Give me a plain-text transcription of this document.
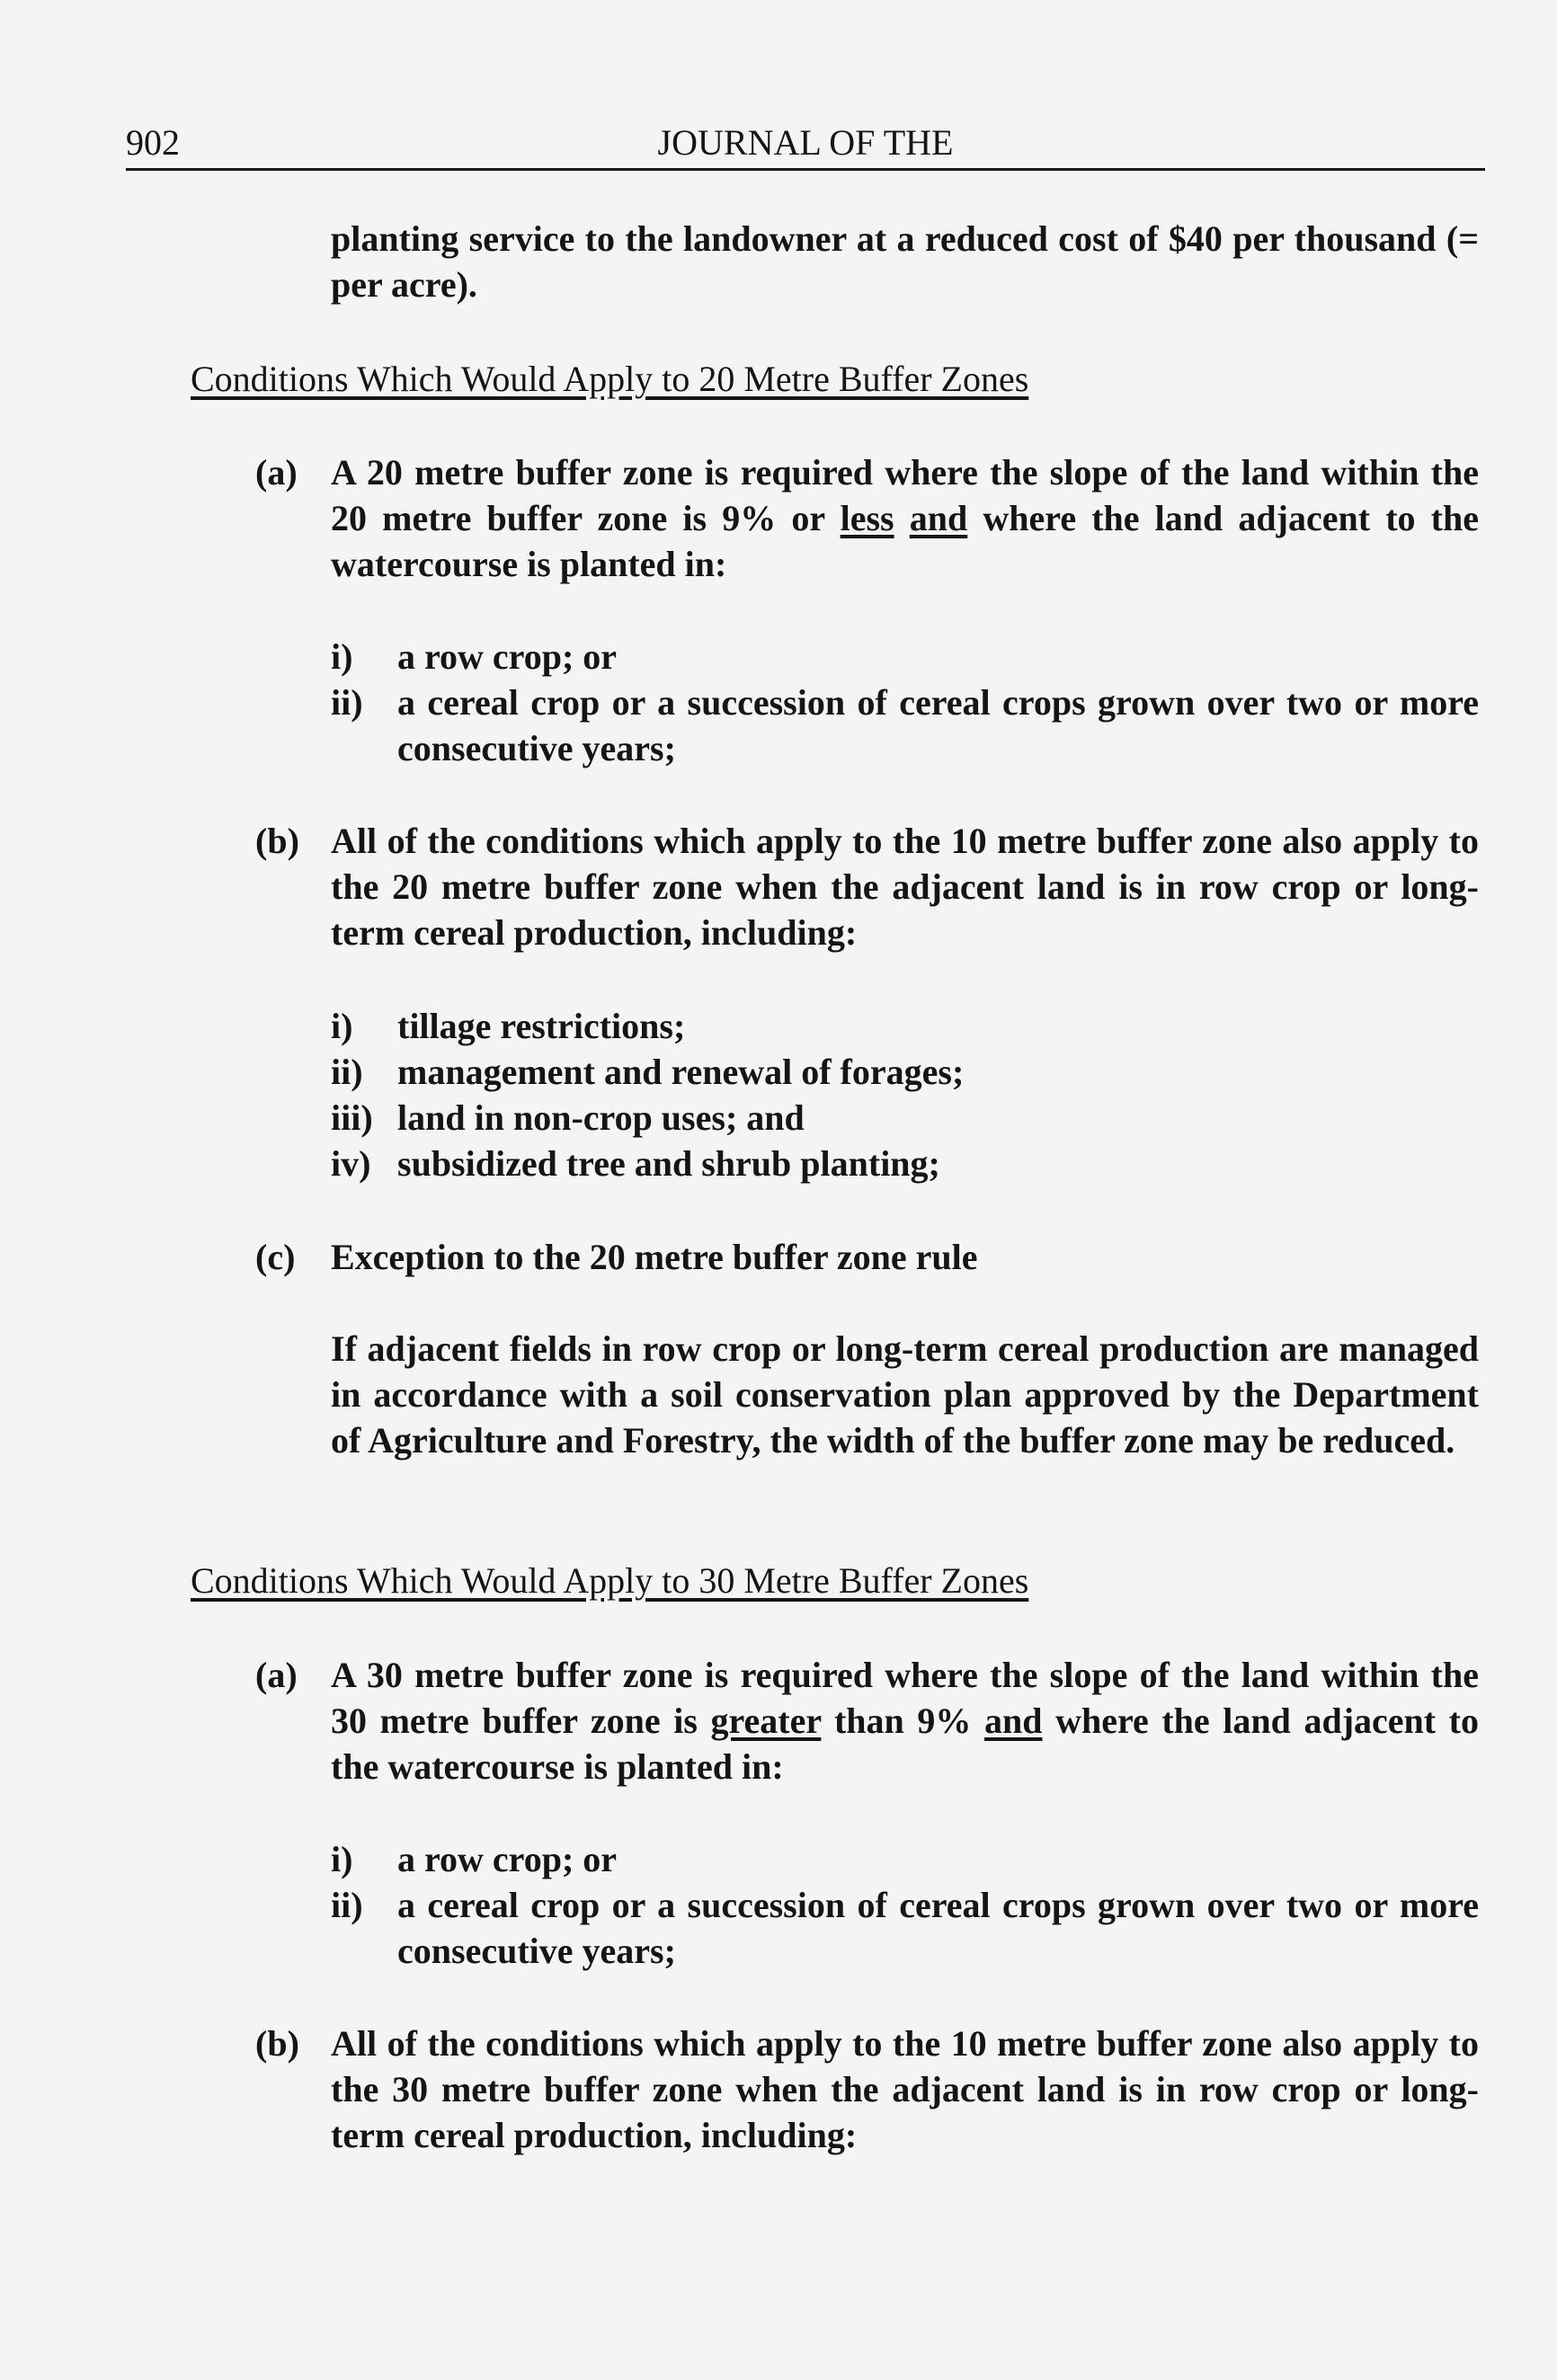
902	JOURNAL OF THE
planting service to the landowner at a reduced cost of $40 per thousand (= per acre).
Conditions Which Would Apply to 20 Metre Buffer Zones
(a) A 20 metre buffer zone is required where the slope of the land within the 20 metre buffer zone is 9% or less and where the land adjacent to the watercourse is planted in:
i) a row crop; or
ii) a cereal crop or a succession of cereal crops grown over two or more consecutive years;
(b) All of the conditions which apply to the 10 metre buffer zone also apply to the 20 metre buffer zone when the adjacent land is in row crop or long-term cereal production, including:
i) tillage restrictions;
ii) management and renewal of forages;
iii) land in non-crop uses; and
iv) subsidized tree and shrub planting;
(c) Exception to the 20 metre buffer zone rule
If adjacent fields in row crop or long-term cereal production are managed in accordance with a soil conservation plan approved by the Department of Agriculture and Forestry, the width of the buffer zone may be reduced.
Conditions Which Would Apply to 30 Metre Buffer Zones
(a) A 30 metre buffer zone is required where the slope of the land within the 30 metre buffer zone is greater than 9% and where the land adjacent to the watercourse is planted in:
i) a row crop; or
ii) a cereal crop or a succession of cereal crops grown over two or more consecutive years;
(b) All of the conditions which apply to the 10 metre buffer zone also apply to the 30 metre buffer zone when the adjacent land is in row crop or long-term cereal production, including:
